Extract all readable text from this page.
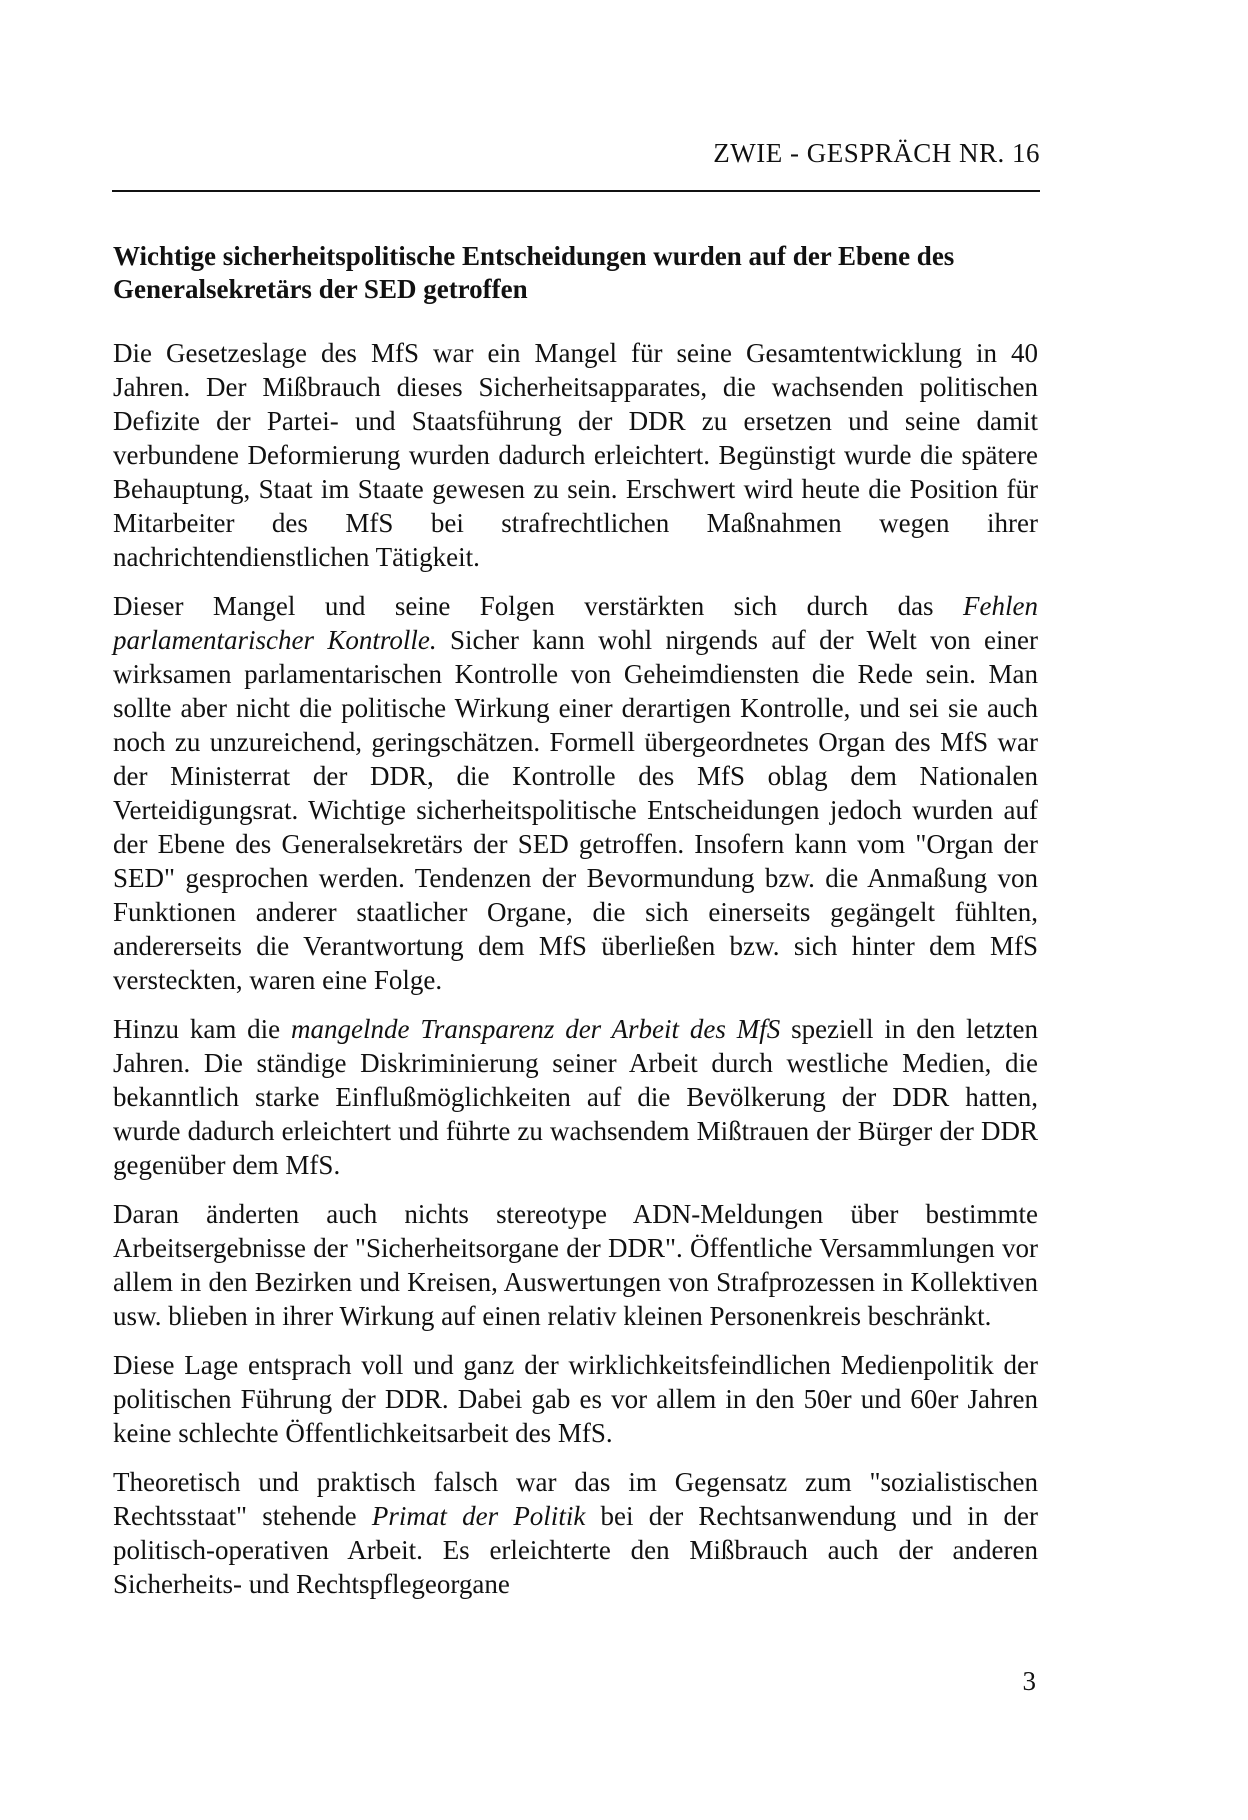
ZWIE - GESPRÄCH NR. 16
Wichtige sicherheitspolitische Entscheidungen wurden auf der Ebene des Generalsekretärs der SED getroffen

Die Gesetzeslage des MfS war ein Mangel für seine Gesamtentwicklung in 40 Jahren. Der Mißbrauch dieses Sicherheitsapparates, die wachsenden politischen Defizite der Partei- und Staatsführung der DDR zu ersetzen und seine damit verbundene Deformierung wurden dadurch erleichtert. Begünstigt wurde die spätere Behauptung, Staat im Staate gewesen zu sein. Erschwert wird heute die Position für Mitarbeiter des MfS bei strafrechtlichen Maßnahmen wegen ihrer nachrichtendienstlichen Tätigkeit.

Dieser Mangel und seine Folgen verstärkten sich durch das Fehlen parlamentarischer Kontrolle. Sicher kann wohl nirgends auf der Welt von einer wirksamen parlamentarischen Kontrolle von Geheimdiensten die Rede sein. Man sollte aber nicht die politische Wirkung einer derartigen Kontrolle, und sei sie auch noch zu unzureichend, geringschätzen. Formell übergeordnetes Organ des MfS war der Ministerrat der DDR, die Kontrolle des MfS oblag dem Nationalen Verteidigungsrat. Wichtige sicherheitspolitische Entscheidungen jedoch wurden auf der Ebene des Generalsekretärs der SED getroffen. Insofern kann vom "Organ der SED" gesprochen werden. Tendenzen der Bevormundung bzw. die Anmaßung von Funktionen anderer staatlicher Organe, die sich einerseits gegängelt fühlten, andererseits die Verantwortung dem MfS überließen bzw. sich hinter dem MfS versteckten, waren eine Folge.

Hinzu kam die mangelnde Transparenz der Arbeit des MfS speziell in den letzten Jahren. Die ständige Diskriminierung seiner Arbeit durch westliche Medien, die bekanntlich starke Einflußmöglichkeiten auf die Bevölkerung der DDR hatten, wurde dadurch erleichtert und führte zu wachsendem Mißtrauen der Bürger der DDR gegenüber dem MfS.

Daran änderten auch nichts stereotype ADN-Meldungen über bestimmte Arbeitsergebnisse der "Sicherheitsorgane der DDR". Öffentliche Versammlungen vor allem in den Bezirken und Kreisen, Auswertungen von Strafprozessen in Kollektiven usw. blieben in ihrer Wirkung auf einen relativ kleinen Personenkreis beschränkt.

Diese Lage entsprach voll und ganz der wirklichkeitsfeindlichen Medienpolitik der politischen Führung der DDR. Dabei gab es vor allem in den 50er und 60er Jahren keine schlechte Öffentlichkeitsarbeit des MfS.

Theoretisch und praktisch falsch war das im Gegensatz zum "sozialistischen Rechtsstaat" stehende Primat der Politik bei der Rechtsanwendung und in der politisch-operativen Arbeit. Es erleichterte den Mißbrauch auch der anderen Sicherheits- und Rechtspflegeorgane

3
